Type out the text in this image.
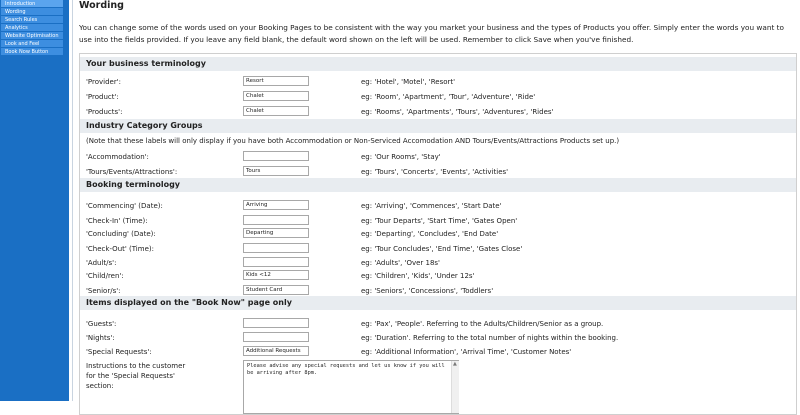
Introduction
Wording
Search Rules
Analytics
Website Optimisation
Look and Feel
Book Now Button
Wording
You can change some of the words used on your Booking Pages to be consistent with the way you market your business and the types of Products you offer. Simply enter the words you want to use into the fields provided. If you leave any field blank, the default word shown on the left will be used. Remember to click Save when you've finished.
Your business terminology
'Provider':
Resort	eg: 'Hotel', 'Motel', 'Resort'
'Product':
Chalet	eg: 'Room', 'Apartment', 'Tour', 'Adventure', 'Ride'
'Products':
Chalet	eg: 'Rooms', 'Apartments', 'Tours', 'Adventures', 'Rides'
Industry Category Groups
(Note that these labels will only display if you have both Accommodation or Non-Serviced Accomodation AND Tours/Events/Attractions Products set up.)
'Accommodation':	eg: 'Our Rooms', 'Stay'
'Tours/Events/Attractions':
Tours	eg: 'Tours', 'Concerts', 'Events', 'Activities'
Booking terminology
'Commencing' (Date):
Arriving	eg: 'Arriving', 'Commences', 'Start Date'
'Check-In' (Time):	eg: 'Tour Departs', 'Start Time', 'Gates Open'
'Concluding' (Date):
Departing	eg: 'Departing', 'Concludes', 'End Date'
'Check-Out' (Time):	eg: 'Tour Concludes', 'End Time', 'Gates Close'
'Adult/s':	eg: 'Adults', 'Over 18s'
'Child/ren':
Kids <12	eg: 'Children', 'Kids', 'Under 12s'
'Senior/s':
Student Card	eg: 'Seniors', 'Concessions', 'Toddlers'
Items displayed on the "Book Now" page only
'Guests':	eg: 'Pax', 'People'. Referring to the Adults/Children/Senior as a group.
'Nights':	eg: 'Duration'. Referring to the total number of nights within the booking.
'Special Requests':
Additional Requests	eg: 'Additional Information', 'Arrival Time', 'Customer Notes'
Instructions to the customer for the 'Special Requests' section:
Please advise any special requests and let us know if you will be arriving after 8pm.
▲
